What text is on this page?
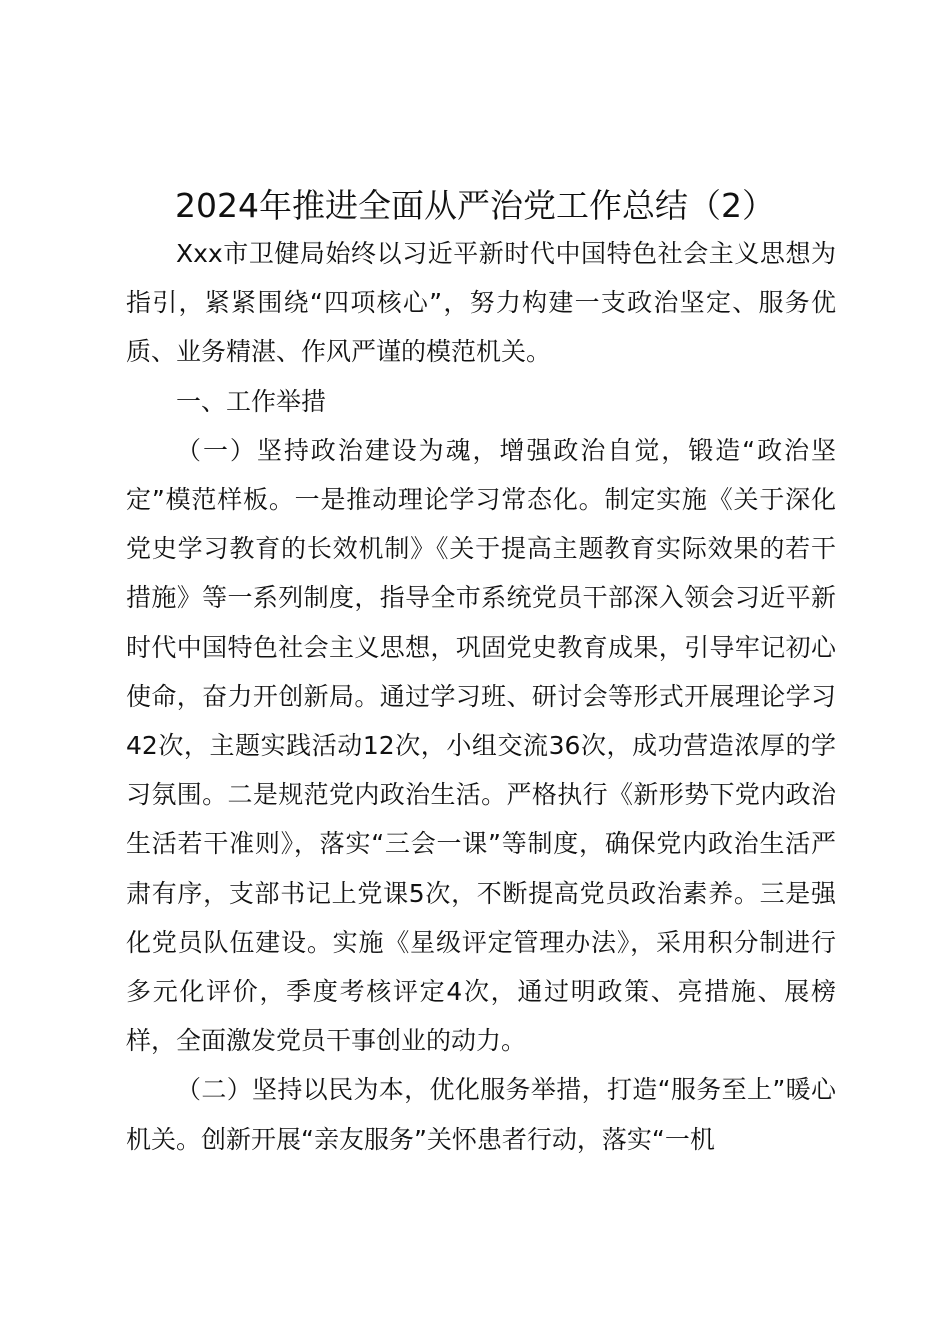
2024年推进全面从严治党工作总结（2）

Xxx市卫健局始终以习近平新时代中国特色社会主义思想为指引，紧紧围绕“四项核心”，努力构建一支政治坚定、服务优质、业务精湛、作风严谨的模范机关。

一、工作举措

（一）坚持政治建设为魂，增强政治自觉，锻造“政治坚定”模范样板。一是推动理论学习常态化。制定实施《关于深化党史学习教育的长效机制》《关于提高主题教育实际效果的若干措施》等一系列制度，指导全市系统党员干部深入领会习近平新时代中国特色社会主义思想，巩固党史教育成果，引导牢记初心使命，奋力开创新局。通过学习班、研讨会等形式开展理论学习42次，主题实践活动12次，小组交流36次，成功营造浓厚的学习氛围。二是规范党内政治生活。严格执行《新形势下党内政治生活若干准则》，落实“三会一课”等制度，确保党内政治生活严肃有序，支部书记上党课5次，不断提高党员政治素养。三是强化党员队伍建设。实施《星级评定管理办法》，采用积分制进行多元化评价，季度考核评定4次，通过明政策、亮措施、展榜样，全面激发党员干事创业的动力。

（二）坚持以民为本，优化服务举措，打造“服务至上”暖心机关。创新开展“亲友服务”关怀患者行动，落实“一机
